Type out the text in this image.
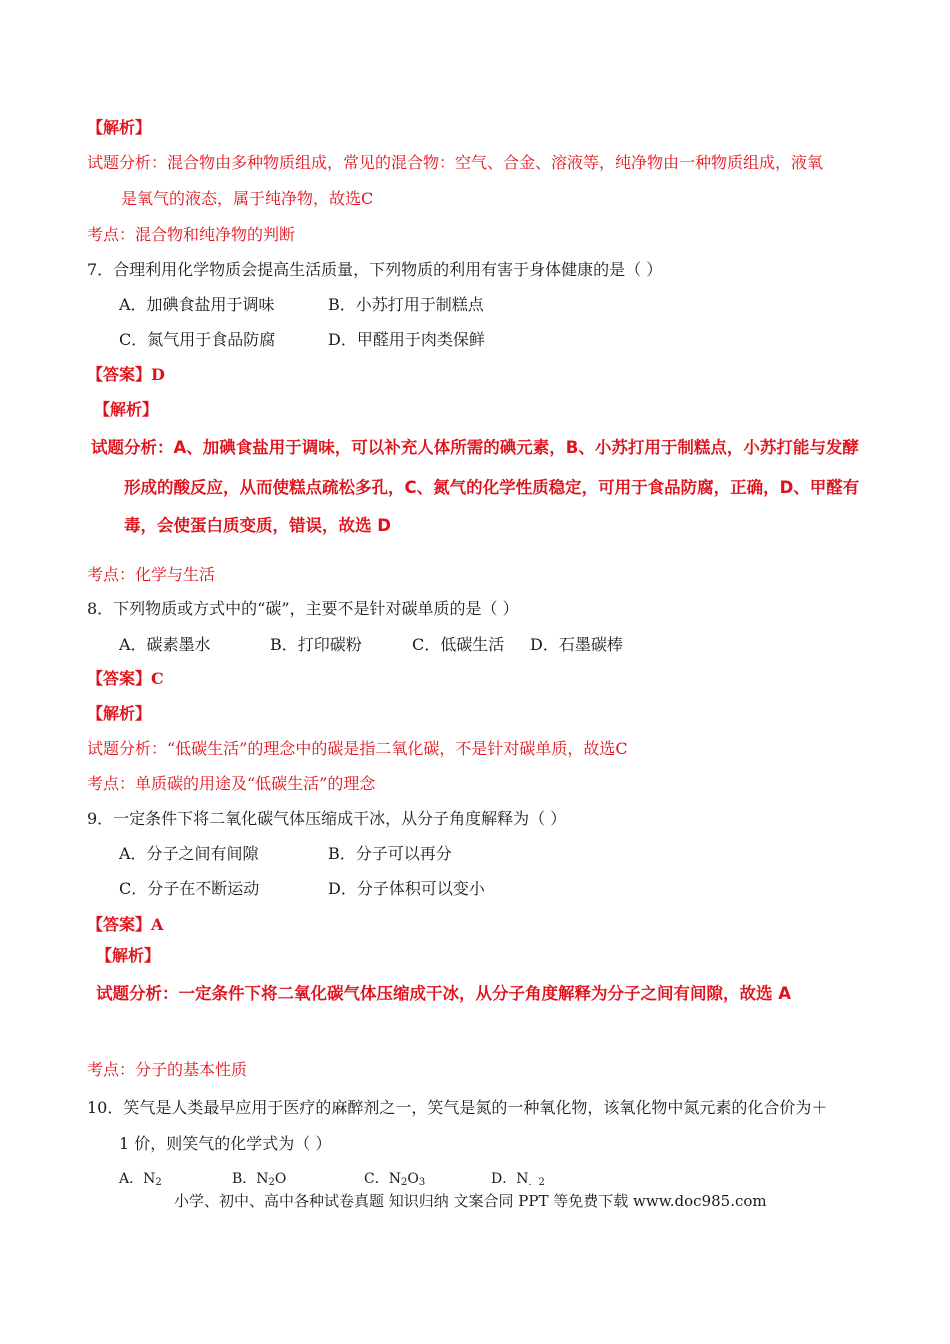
【解析】
试题分析：混合物由多种物质组成，常见的混合物：空气、合金、溶液等，纯净物由一种物质组成，液氧
是氧气的液态，属于纯净物，故选C
考点：混合物和纯净物的判断
7．合理利用化学物质会提高生活质量，下列物质的利用有害于身体健康的是（ ）
A．加碘食盐用于调味	B．小苏打用于制糕点
C．氮气用于食品防腐	D．甲醛用于肉类保鲜
【答案】D
【解析】
试题分析：A、加碘食盐用于调味，可以补充人体所需的碘元素，B、小苏打用于制糕点，小苏打能与发酵
形成的酸反应，从而使糕点疏松多孔，C、氮气的化学性质稳定，可用于食品防腐，正确，D、甲醛有
毒，会使蛋白质变质，错误，故选 D
考点：化学与生活
8．下列物质或方式中的“碳”，主要不是针对碳单质的是（ ）
A．碳素墨水	B．打印碳粉	C．低碳生活 D．石墨碳棒
【答案】C
【解析】
试题分析：“低碳生活”的理念中的碳是指二氧化碳，不是针对碳单质，故选C
考点：单质碳的用途及“低碳生活”的理念
9．一定条件下将二氧化碳气体压缩成干冰，从分子角度解释为（ ）
A．分子之间有间隙	B．分子可以再分
C．分子在不断运动	D．分子体积可以变小
【答案】A
【解析】
试题分析：一定条件下将二氧化碳气体压缩成干冰，从分子角度解释为分子之间有间隙，故选 A
考点：分子的基本性质
10．笑气是人类最早应用于医疗的麻醉剂之一，笑气是氮的一种氧化物，该氧化物中氮元素的化合价为＋
1 价，则笑气的化学式为（ ）
A．$N_2$	B．$N_2O$	C．$N_2O_3$	D．$N_{.2}$
小学、初中、高中各种试卷真题 知识归纳 文案合同 PPT 等免费下载 www.doc985.com
